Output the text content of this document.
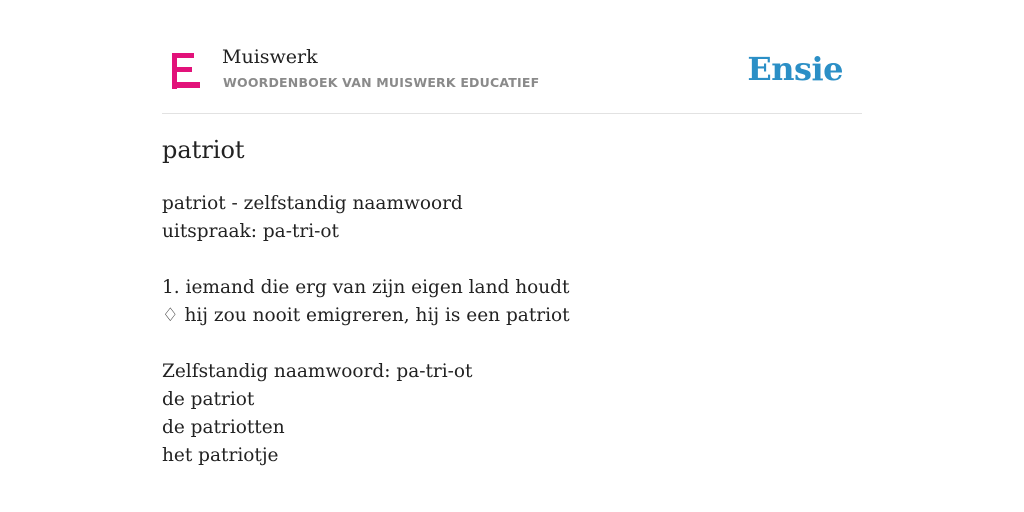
Muiswerk
WOORDENBOEK VAN MUISWERK EDUCATIEF	Ensie
patriot
patriot - zelfstandig naamwoord
uitspraak: pa-tri-ot
1. iemand die erg van zijn eigen land houdt
♢ hij zou nooit emigreren, hij is een patriot
Zelfstandig naamwoord: pa-tri-ot
de patriot
de patriotten
het patriotje
